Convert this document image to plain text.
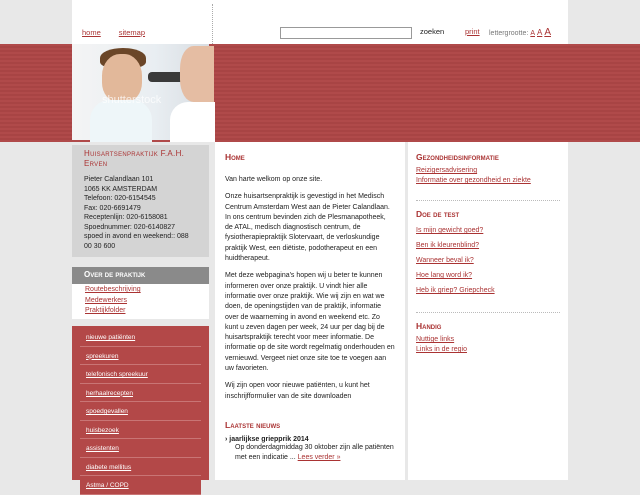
home sitemap	zoeken	print lettergrootte: A A A
shutterstock
Huisartsenpraktijk F.A.H. Erven
Pieter Calandlaan 101
1065 KK AMSTERDAM
Telefoon: 020-6154545
Fax: 020-6691479
Receptenlijn: 020-6158081
Spoednummer: 020-6140827
spoed in avond en weekend:: 088 00 30 600
Over de praktijk
Routebeschrijving
Medewerkers
Praktijkfolder
nieuwe patiënten
spreekuren
telefonisch spreekuur
herhaalrecepten
spoedgevallen
huisbezoek
assistenten
diabete mellitus
Astma / COPD
Home

Van harte welkom op onze site.

Onze huisartsenpraktijk is gevestigd in het Medisch Centrum Amsterdam West aan de Pieter Calandlaan. In ons centrum bevinden zich de Plesmanapotheek, de ATAL, medisch diagnostisch centrum, de fysiotherapiepraktijk Slotervaart, de verloskundige praktijk West, een diëtiste, podotherapeut en een huidtherapeut.

Met deze webpagina's hopen wij u beter te kunnen informeren over onze praktijk. U vindt hier alle informatie over onze praktijk. Wie wij zijn en wat we doen, de openingstijden van de praktijk, informatie over de waarneming in avond en weekend etc. Zo kunt u zeven dagen per week, 24 uur per dag bij de huisartspraktijk terecht voor meer informatie. De informatie op de site wordt regelmatig onderhouden en vernieuwd. Vergeet niet onze site toe te voegen aan uw favorieten.

Wij zijn open voor nieuwe patiënten, u kunt het inschrijfformulier van de site downloaden

Laatste nieuws
› jaarlijkse griepprik 2014
Op donderdagmiddag 30 oktober zijn alle patiënten met een indicatie ... Lees verder »
Gezondheidsinformatie
Reizigersadvisering
Informatie over gezondheid en ziekte
Doe de test
Is mijn gewicht goed?
Ben ik kleurenblind?
Wanneer beval ik?
Hoe lang word ik?
Heb ik griep? Griepcheck
Handig
Nuttige links
Links in de regio
